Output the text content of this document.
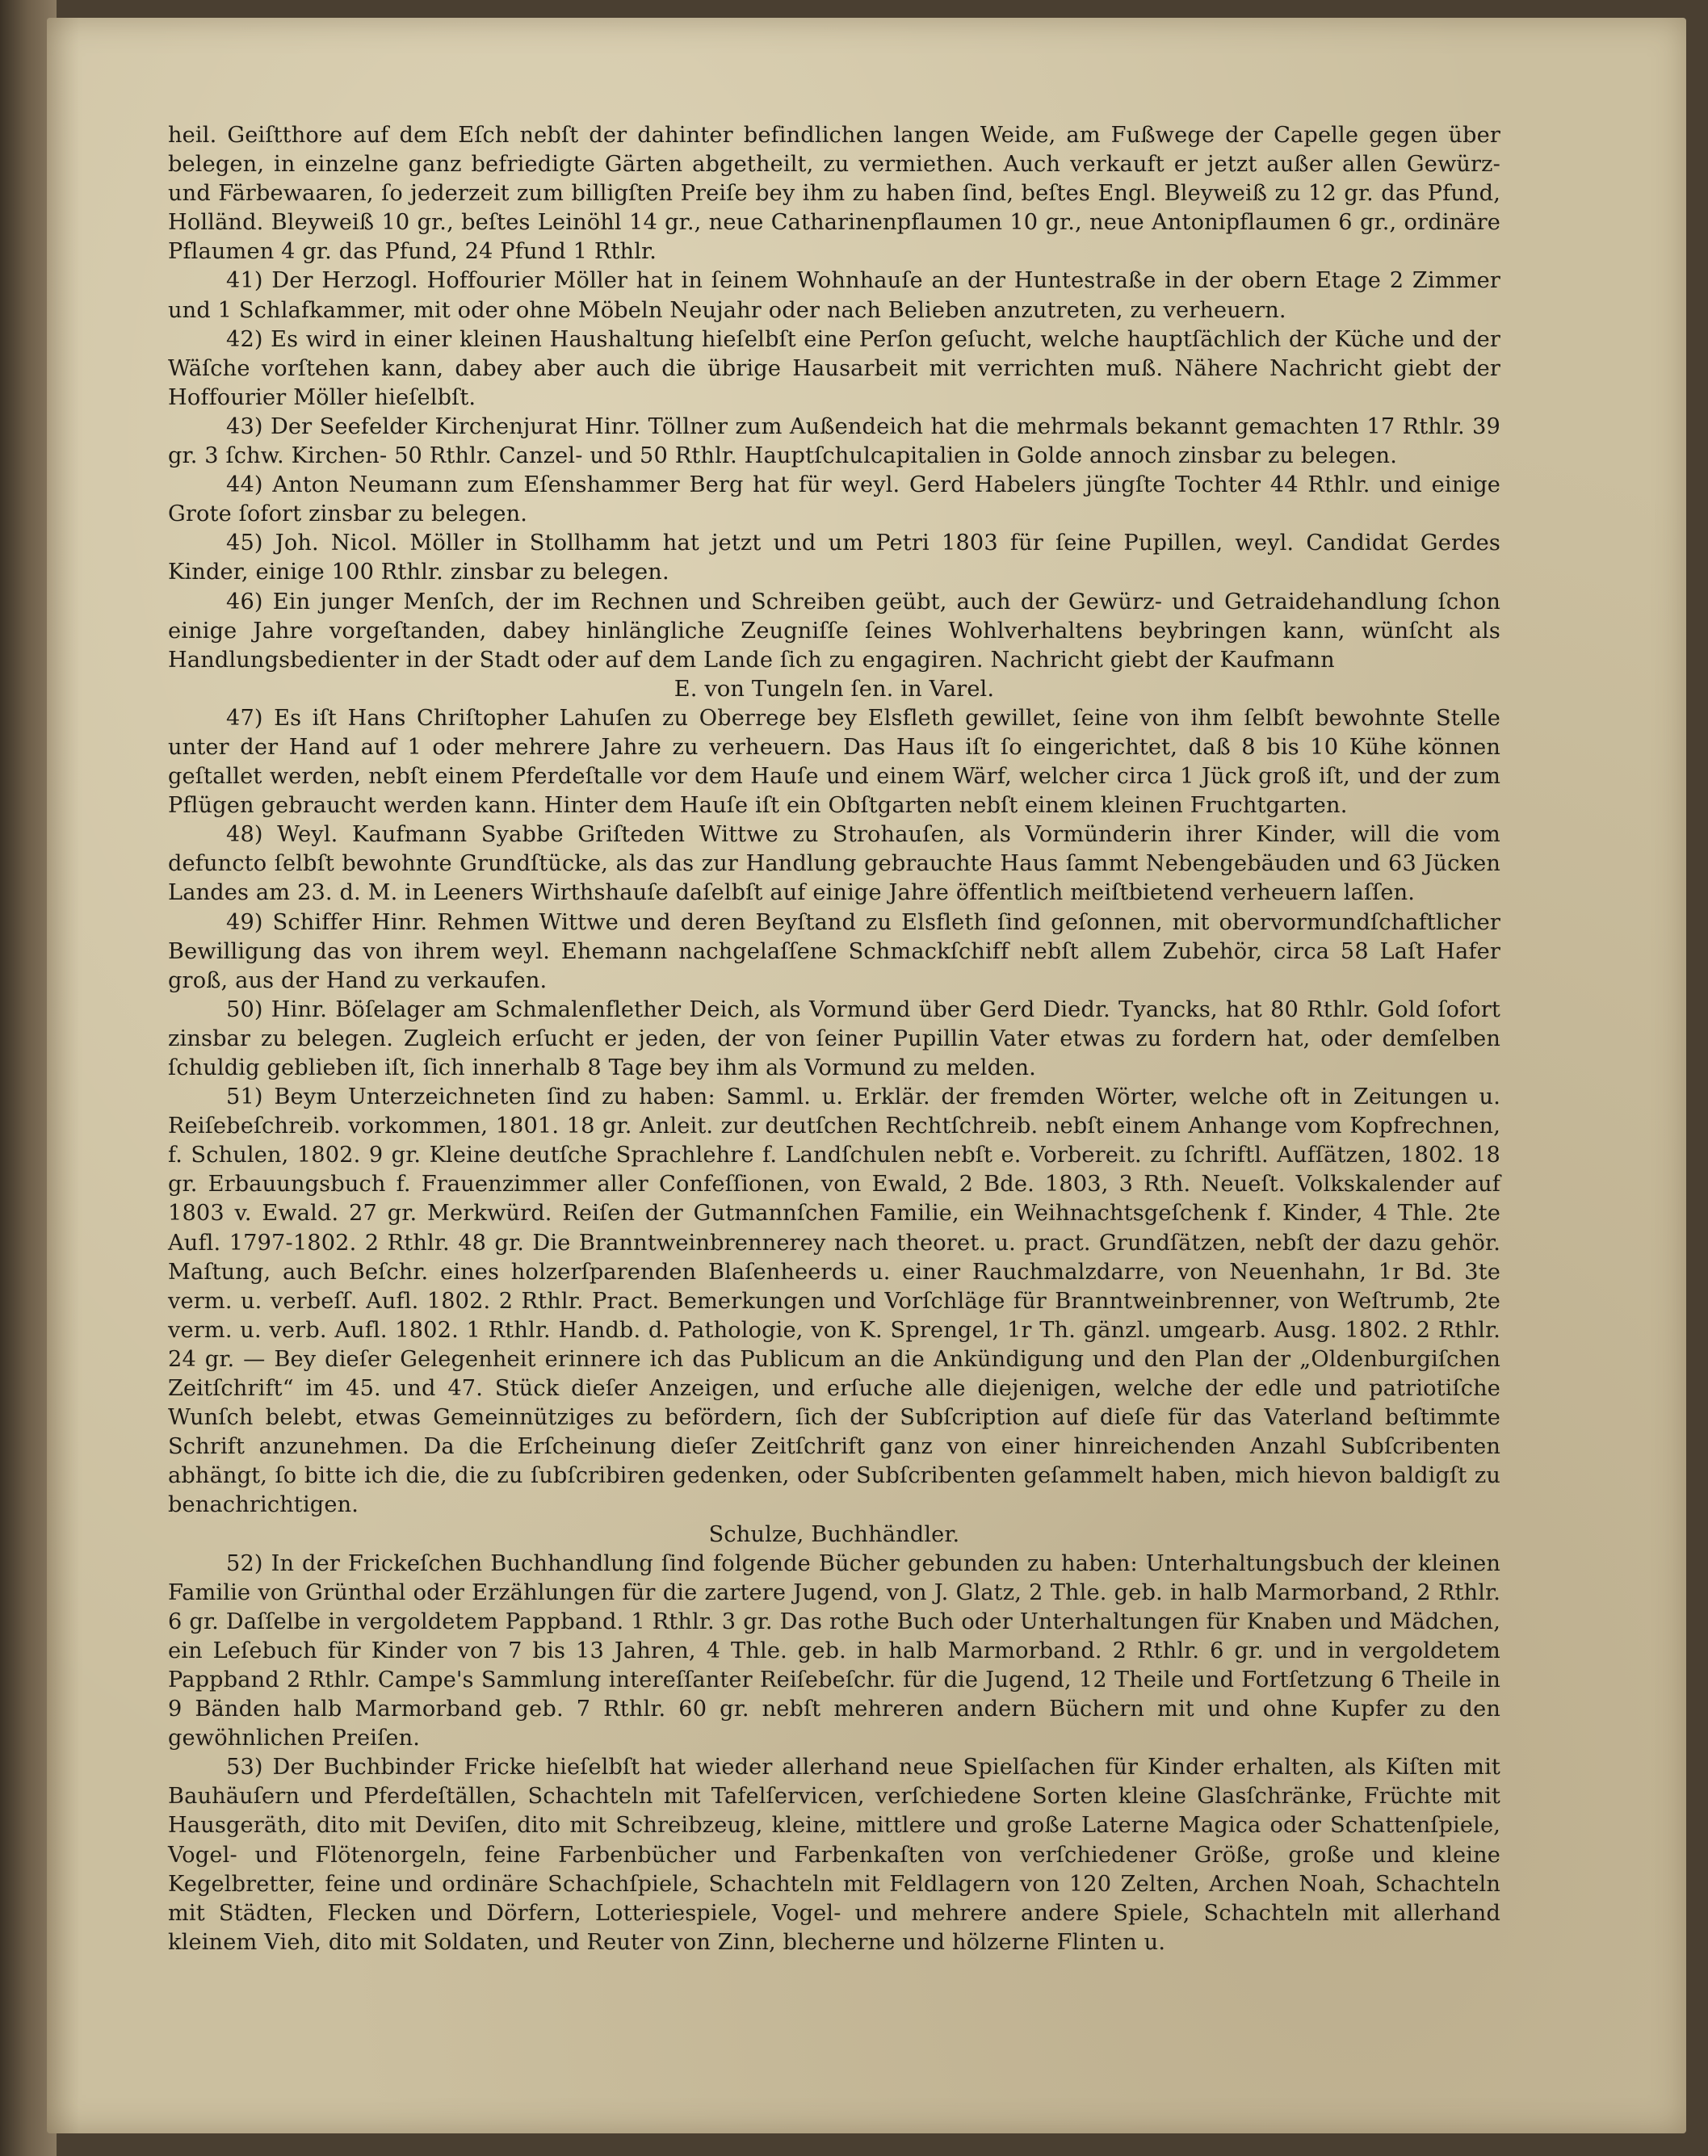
heil. Geiſtthore auf dem Eſch nebſt der dahinter befindlichen langen Weide, am Fußwege der Capelle gegen über belegen, in einzelne ganz befriedigte Gärten abgetheilt, zu vermiethen. Auch verkauft er jetzt außer allen Gewürz- und Färbewaaren, ſo jederzeit zum billigſten Preiſe bey ihm zu haben ſind, beſtes Engl. Bleyweiß zu 12 gr. das Pfund, Holländ. Bleyweiß 10 gr., beſtes Leinöhl 14 gr., neue Catharinenpflaumen 10 gr., neue Antonipflaumen 6 gr., ordinäre Pflaumen 4 gr. das Pfund, 24 Pfund 1 Rthlr.

41) Der Herzogl. Hoffourier Möller hat in ſeinem Wohnhauſe an der Huntestraße in der obern Etage 2 Zimmer und 1 Schlafkammer, mit oder ohne Möbeln Neujahr oder nach Belieben anzutreten, zu verheuern.

42) Es wird in einer kleinen Haushaltung hieſelbſt eine Perſon geſucht, welche hauptſächlich der Küche und der Wäſche vorſtehen kann, dabey aber auch die übrige Hausarbeit mit verrichten muß. Nähere Nachricht giebt der Hoffourier Möller hieſelbſt.

43) Der Seefelder Kirchenjurat Hinr. Töllner zum Außendeich hat die mehrmals bekannt gemachten 17 Rthlr. 39 gr. 3 ſchw. Kirchen- 50 Rthlr. Canzel- und 50 Rthlr. Hauptſchulcapitalien in Golde annoch zinsbar zu belegen.

44) Anton Neumann zum Eſenshammer Berg hat für weyl. Gerd Habelers jüngſte Tochter 44 Rthlr. und einige Grote ſofort zinsbar zu belegen.

45) Joh. Nicol. Möller in Stollhamm hat jetzt und um Petri 1803 für ſeine Pupillen, weyl. Candidat Gerdes Kinder, einige 100 Rthlr. zinsbar zu belegen.

46) Ein junger Menſch, der im Rechnen und Schreiben geübt, auch der Gewürz- und Getraidehandlung ſchon einige Jahre vorgeſtanden, dabey hinlängliche Zeugniſſe ſeines Wohlverhaltens beybringen kann, wünſcht als Handlungsbedienter in der Stadt oder auf dem Lande ſich zu engagiren. Nachricht giebt der Kaufmann

E. von Tungeln ſen. in Varel.

47) Es iſt Hans Chriſtopher Lahuſen zu Oberrege bey Elsfleth gewillet, ſeine von ihm ſelbſt bewohnte Stelle unter der Hand auf 1 oder mehrere Jahre zu verheuern. Das Haus iſt ſo eingerichtet, daß 8 bis 10 Kühe können geſtallet werden, nebſt einem Pferdeſtalle vor dem Hauſe und einem Wärf, welcher circa 1 Jück groß iſt, und der zum Pflügen gebraucht werden kann. Hinter dem Hauſe iſt ein Obſtgarten nebſt einem kleinen Fruchtgarten.

48) Weyl. Kaufmann Syabbe Griſteden Wittwe zu Strohauſen, als Vormünderin ihrer Kinder, will die vom defuncto ſelbſt bewohnte Grundſtücke, als das zur Handlung gebrauchte Haus ſammt Nebengebäuden und 63 Jücken Landes am 23. d. M. in Leeners Wirthshauſe daſelbſt auf einige Jahre öffentlich meiſtbietend verheuern laſſen.

49) Schiffer Hinr. Rehmen Wittwe und deren Beyſtand zu Elsfleth ſind geſonnen, mit obervormundſchaftlicher Bewilligung das von ihrem weyl. Ehemann nachgelaſſene Schmackſchiff nebſt allem Zubehör, circa 58 Laſt Hafer groß, aus der Hand zu verkaufen.

50) Hinr. Böſelager am Schmalenflether Deich, als Vormund über Gerd Diedr. Tyancks, hat 80 Rthlr. Gold ſofort zinsbar zu belegen. Zugleich erſucht er jeden, der von ſeiner Pupillin Vater etwas zu fordern hat, oder demſelben ſchuldig geblieben iſt, ſich innerhalb 8 Tage bey ihm als Vormund zu melden.

51) Beym Unterzeichneten ſind zu haben: Samml. u. Erklär. der fremden Wörter, welche oft in Zeitungen u. Reiſebeſchreib. vorkommen, 1801. 18 gr. Anleit. zur deutſchen Rechtſchreib. nebſt einem Anhange vom Kopfrechnen, f. Schulen, 1802. 9 gr. Kleine deutſche Sprachlehre f. Landſchulen nebſt e. Vorbereit. zu ſchriftl. Aufſätzen, 1802. 18 gr. Erbauungsbuch f. Frauenzimmer aller Confeſſionen, von Ewald, 2 Bde. 1803, 3 Rth. Neueſt. Volkskalender auf 1803 v. Ewald. 27 gr. Merkwürd. Reiſen der Gutmannſchen Familie, ein Weihnachtsgeſchenk f. Kinder, 4 Thle. 2te Aufl. 1797-1802. 2 Rthlr. 48 gr. Die Branntweinbrennerey nach theoret. u. pract. Grundſätzen, nebſt der dazu gehör. Maſtung, auch Beſchr. eines holzerſparenden Blaſenheerds u. einer Rauchmalzdarre, von Neuenhahn, 1r Bd. 3te verm. u. verbeſſ. Aufl. 1802. 2 Rthlr. Pract. Bemerkungen und Vorſchläge für Branntweinbrenner, von Weſtrumb, 2te verm. u. verb. Aufl. 1802. 1 Rthlr. Handb. d. Pathologie, von K. Sprengel, 1r Th. gänzl. umgearb. Ausg. 1802. 2 Rthlr. 24 gr. — Bey dieſer Gelegenheit erinnere ich das Publicum an die Ankündigung und den Plan der „Oldenburgiſchen Zeitſchrift“ im 45. und 47. Stück dieſer Anzeigen, und erſuche alle diejenigen, welche der edle und patriotiſche Wunſch belebt, etwas Gemeinnütziges zu befördern, ſich der Subſcription auf dieſe für das Vaterland beſtimmte Schrift anzunehmen. Da die Erſcheinung dieſer Zeitſchrift ganz von einer hinreichenden Anzahl Subſcribenten abhängt, ſo bitte ich die, die zu ſubſcribiren gedenken, oder Subſcribenten geſammelt haben, mich hievon baldigſt zu benachrichtigen.

Schulze, Buchhändler.

52) In der Frickeſchen Buchhandlung ſind folgende Bücher gebunden zu haben: Unterhaltungsbuch der kleinen Familie von Grünthal oder Erzählungen für die zartere Jugend, von J. Glatz, 2 Thle. geb. in halb Marmorband, 2 Rthlr. 6 gr. Daſſelbe in vergoldetem Pappband. 1 Rthlr. 3 gr. Das rothe Buch oder Unterhaltungen für Knaben und Mädchen, ein Leſebuch für Kinder von 7 bis 13 Jahren, 4 Thle. geb. in halb Marmorband. 2 Rthlr. 6 gr. und in vergoldetem Pappband 2 Rthlr. Campe's Sammlung intereſſanter Reiſebeſchr. für die Jugend, 12 Theile und Fortſetzung 6 Theile in 9 Bänden halb Marmorband geb. 7 Rthlr. 60 gr. nebſt mehreren andern Büchern mit und ohne Kupfer zu den gewöhnlichen Preiſen.

53) Der Buchbinder Fricke hieſelbſt hat wieder allerhand neue Spielſachen für Kinder erhalten, als Kiſten mit Bauhäuſern und Pferdeſtällen, Schachteln mit Tafelſervicen, verſchiedene Sorten kleine Glasſchränke, Früchte mit Hausgeräth, dito mit Deviſen, dito mit Schreibzeug, kleine, mittlere und große Laterne Magica oder Schattenſpiele, Vogel- und Flötenorgeln, feine Farbenbücher und Farbenkaſten von verſchiedener Größe, große und kleine Kegelbretter, feine und ordinäre Schachſpiele, Schachteln mit Feldlagern von 120 Zelten, Archen Noah, Schachteln mit Städten, Flecken und Dörfern, Lotteriespiele, Vogel- und mehrere andere Spiele, Schachteln mit allerhand kleinem Vieh, dito mit Soldaten, und Reuter von Zinn, blecherne und hölzerne Flinten u.
